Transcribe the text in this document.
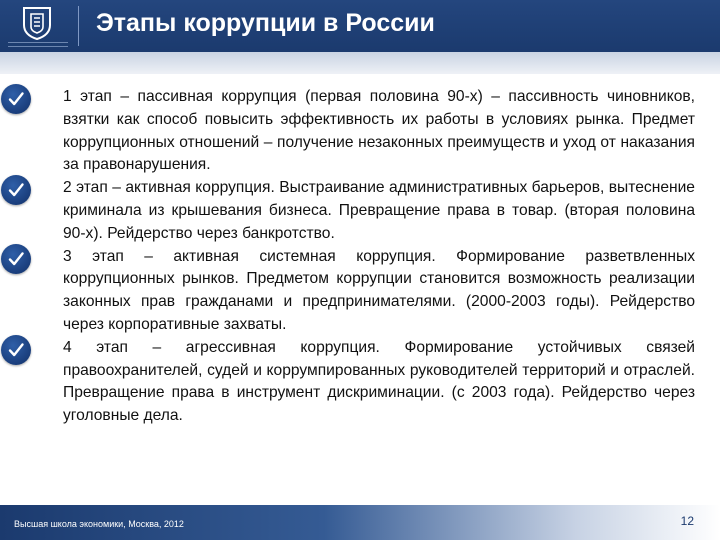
Этапы коррупции в России
1 этап – пассивная коррупция (первая половина 90-х) – пассивность чиновников, взятки как способ повысить эффективность их работы в условиях рынка. Предмет коррупционных отношений – получение незаконных преимуществ и уход от наказания за правонарушения.
2 этап – активная коррупция. Выстраивание административных барьеров, вытеснение криминала из крышевания бизнеса. Превращение права в товар. (вторая половина 90-х). Рейдерство через банкротство.
3 этап – активная системная коррупция. Формирование разветвленных коррупционных рынков. Предметом коррупции становится возможность реализации законных прав гражданами и предпринимателями. (2000-2003 годы). Рейдерство через корпоративные захваты.
4 этап – агрессивная коррупция. Формирование устойчивых связей правоохранителей, судей и коррумпированных руководителей территорий и отраслей. Превращение права в инструмент дискриминации. (с 2003 года). Рейдерство через уголовные дела.
Высшая школа экономики, Москва, 2012	12
